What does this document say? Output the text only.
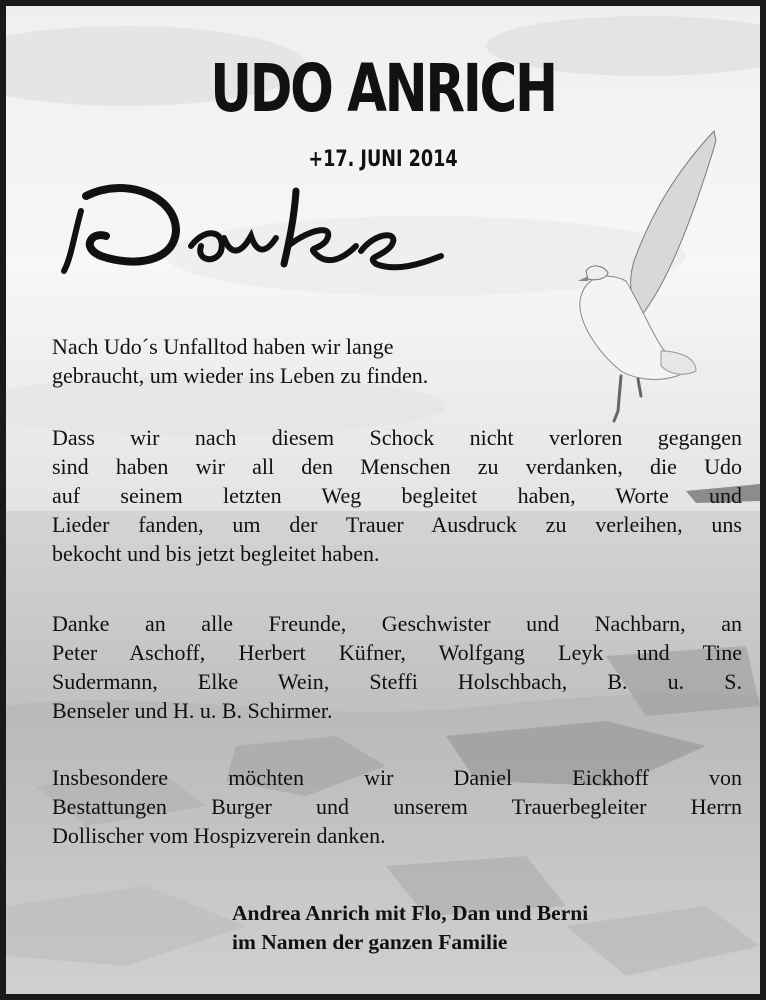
UDO ANRICH
+17. JUNI 2014
Nach Udo´s Unfalltod haben wir lange
gebraucht, um wieder ins Leben zu finden.
Dass wir nach diesem Schock nicht verloren gegangen
sind haben wir all den Menschen zu verdanken, die Udo
auf seinem letzten Weg begleitet haben, Worte und
Lieder fanden, um der Trauer Ausdruck zu verleihen, uns
bekocht und bis jetzt begleitet haben.
Danke an alle Freunde, Geschwister und Nachbarn, an
Peter Aschoff, Herbert Küfner, Wolfgang Leyk und Tine
Sudermann, Elke Wein, Steffi Holschbach, B. u. S.
Benseler und H. u. B. Schirmer.
Insbesondere möchten wir Daniel Eickhoff von
Bestattungen Burger und unserem Trauerbegleiter Herrn
Dollischer vom Hospizverein danken.
Andrea Anrich mit Flo, Dan und Berni
im Namen der ganzen Familie
